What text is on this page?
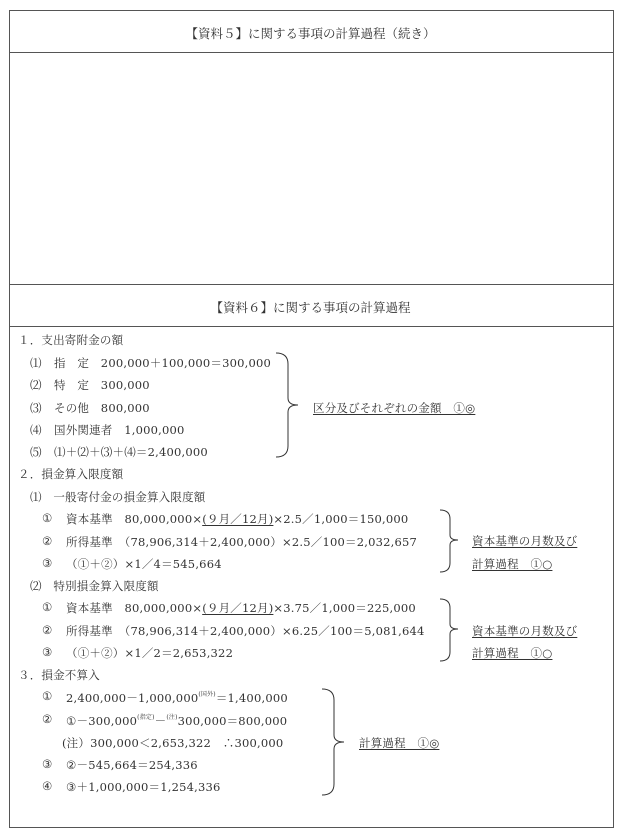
【資料５】に関する事項の計算過程（続き）
【資料６】に関する事項の計算過程
１．支出寄附金の額
⑴ 指　定　200,000＋100,000＝300,000
⑵ 特　定　300,000
⑶ その他　800,000
⑷ 国外関連者　1,000,000
⑸ ⑴＋⑵＋⑶＋⑷＝2,400,000
区分及びそれぞれの金額　①◎
２．損金算入限度額
⑴　一般寄付金の損金算入限度額
① 資本基準　80,000,000×(９月／12月)×2.5／1,000＝150,000
② 所得基準　（78,906,314＋2,400,000）×2.5／100＝2,032,657
③ （①＋②）×1／4＝545,664
資本基準の月数及び
計算過程　①○
⑵　特別損金算入限度額
① 資本基準　80,000,000×(９月／12月)×3.75／1,000＝225,000
② 所得基準　（78,906,314＋2,400,000）×6.25／100＝5,081,644
③ （①＋②）×1／2＝2,653,322
資本基準の月数及び
計算過程　①○
３．損金不算入
① $2,400,000-1,000,000^{(国外)}=1,400,000$
② $①-300,000^{(指定)}-^{(注)}300,000=800,000$
(注）300,000＜2,653,322　∴300,000
③ ②－545,664＝254,336
④ ③＋1,000,000＝1,254,336
計算過程　①◎
